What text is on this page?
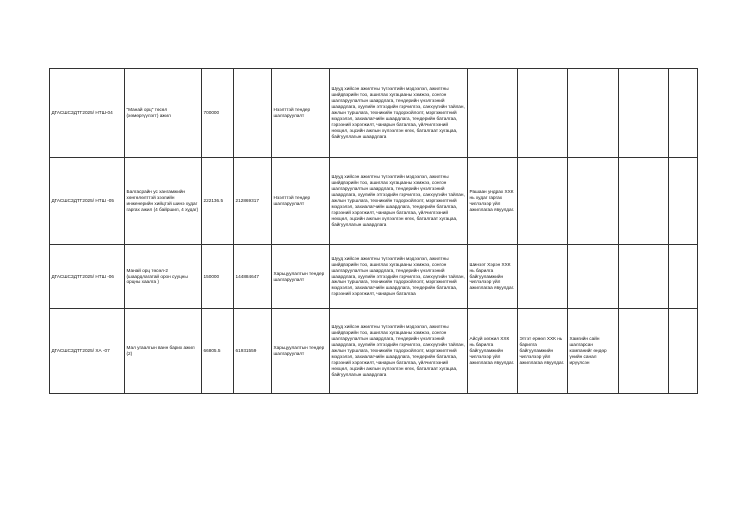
ДГАСШСЗДТГ2025/ НТШ-04	"Манай орц" төсөл (хөмөргүүлэгт) ажил	700000		Нээлттэй тендер шалгаруулалт	Шууд хийсэн ажилтны түгээлтийн мэдээлэл, ажилтны шийдвэрийн тоо, ашиглах хугацааны хэмжээ, сонгон шалгаруулалтын шаардлага, тендерийн үнэлгээний шаардлага, хуулийн этгээдийн гэрчилгээ, санхүүгийн тайлан, ажлын туршлага, техникийн тодорхойлолт, мэргэжилтний мэдээлэл, захиалагчийн шаардлага, тендерийн баталгаа, гэрээний хэрэгжилт, чанарын баталгаа, үйлчилгээний нөхцөл, эцсийн ажлын хүлээлгэн өгөх, баталгаат хугацаа, байгууллагын шаардлага					
ДГАСШСЗДТГ2025/ НТШ -05	Балгасрайн ус хангамжийн хөнгөлөлттэй зээлийн инженерийн хийцтэй шинэ худаг гаргах ажил (4 байршил, 4 худаг)	222136.5	212869317	Нээлттэй тендер шалгаруулалт	Шууд хийсэн ажилтны түгээлтийн мэдээлэл, ажилтны шийдвэрийн тоо, ашиглах хугацааны хэмжээ, сонгон шалгаруулалтын шаардлага, тендерийн үнэлгээний шаардлага, хуулийн этгээдийн гэрчилгээ, санхүүгийн тайлан, ажлын туршлага, техникийн тодорхойлолт, мэргэжилтний мэдээлэл, захиалагчийн шаардлага, тендерийн баталгаа, гэрээний хэрэгжилт, чанарын баталгаа, үйлчилгээний нөхцөл, эцсийн ажлын хүлээлгэн өгөх, баталгаат хугацаа, байгууллагын шаардлага	Рашаан ундрах ХХК нь худаг гаргах чиглэлээр үйл ажиллагаа явуулдаг.				
ДГАСШСЗДТГ2025/ НТШ -06	Манай орц төсөл-2 (шаардлагатай орон сууцны орцны хаалга )	150000	144884647	Харьцуулалтын тендер шалгаруулалт	Шууд хийсэн ажилтны түгээлтийн мэдээлэл, ажилтны шийдвэрийн тоо, ашиглах хугацааны хэмжээ, сонгон шалгаруулалтын шаардлага, тендерийн үнэлгээний шаардлага, хуулийн этгээдийн гэрчилгээ, санхүүгийн тайлан, ажлын туршлага, техникийн тодорхойлолт, мэргэжилтний мэдээлэл, захиалагчийн шаардлага, тендерийн баталгаа, гэрээний хэрэгжилт, чанарын баталгаа	Шинээт Хэрэн ХХК нь барилга байгууламжийн чиглэлээр үйл ажиллагаа явуулдаг.				
ДГАСШСЗДТГ2025/ ХА -07	Мал угаалгын ванн барих ажил (2)	66805.5	61931559	Харьцуулалтын тендер шалгаруулалт	Шууд хийсэн ажилтны түгээлтийн мэдээлэл, ажилтны шийдвэрийн тоо, ашиглах хугацааны хэмжээ, сонгон шалгаруулалтын шаардлага, тендерийн үнэлгээний шаардлага, хуулийн этгээдийн гэрчилгээ, санхүүгийн тайлан, ажлын туршлага, техникийн тодорхойлолт, мэргэжилтний мэдээлэл, захиалагчийн шаардлага, тендерийн баталгаа, гэрээний хэрэгжилт, чанарын баталгаа, үйлчилгээний нөхцөл, эцсийн ажлын хүлээлгэн өгөх, баталгаат хугацаа, байгууллагын шаардлага	Айсуй хөгжил ХХК нь барилга байгууламжийн чиглэлээр үйл ажиллагаа явуулдаг.	Этгэт ерөөл ХХК нь барилга байгууламжийн чиглэлээр үйл ажиллагаа явуулдаг.	Хамгийн сайн шалгарсан компанийг өндөр үнийн санал ирүүлсэн		
